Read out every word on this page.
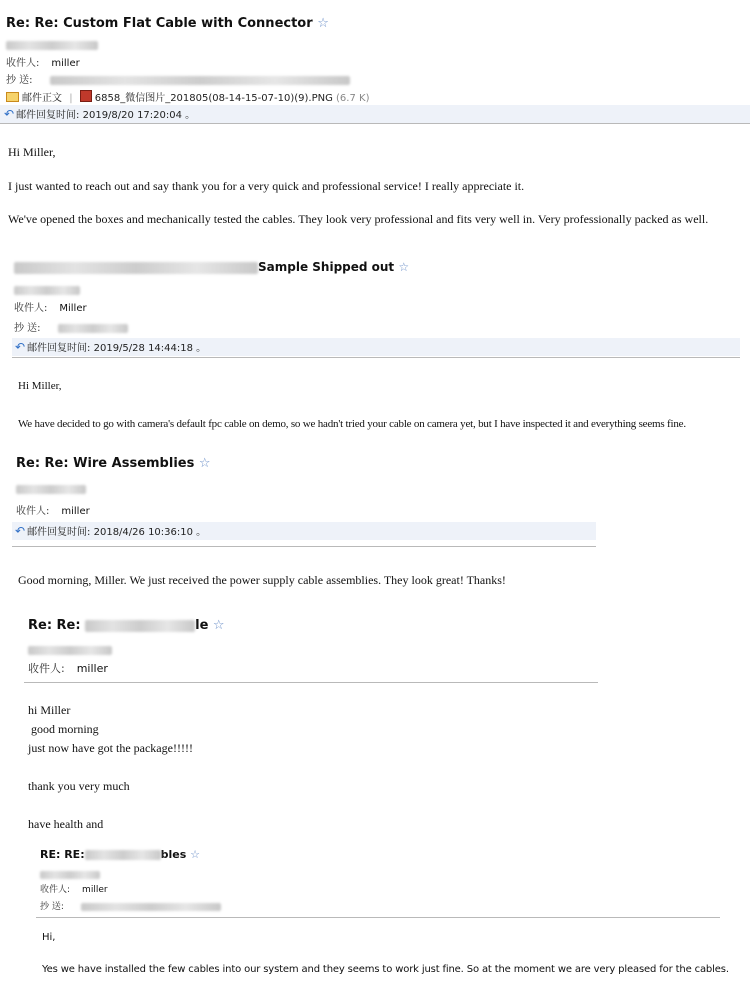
Re: Re: Custom Flat Cable with Connector ☆
收件人: miller
抄 送:
邮件正文 | 6858_微信图片_201805(08-14-15-07-10)(9).PNG (6.7 K)
↶ 邮件回复时间: 2019/8/20 17:20:04 。
Hi Miller,
I just wanted to reach out and say thank you for a very quick and professional service! I really appreciate it.
We've opened the boxes and mechanically tested the cables. They look very professional and fits very well in. Very professionally packed as well.
Sample Shipped out ☆
收件人: Miller
抄 送:
↶ 邮件回复时间: 2019/5/28 14:44:18 。
Hi Miller,
We have decided to go with camera's default fpc cable on demo, so we hadn't tried your cable on camera yet, but I have inspected it and everything seems fine.
Re: Re: Wire Assemblies ☆
收件人: miller
↶ 邮件回复时间: 2018/4/26 10:36:10 。
Good morning, Miller. We just received the power supply cable assemblies. They look great! Thanks!
Re: Re:	le ☆
收件人: miller
hi Miller
good morning
just now have got the package!!!!!
thank you very much
have health and
RE: RE:	bles ☆
收件人: miller
抄 送:
Hi,
Yes we have installed the few cables into our system and they seems to work just fine. So at the moment we are very pleased for the cables.
